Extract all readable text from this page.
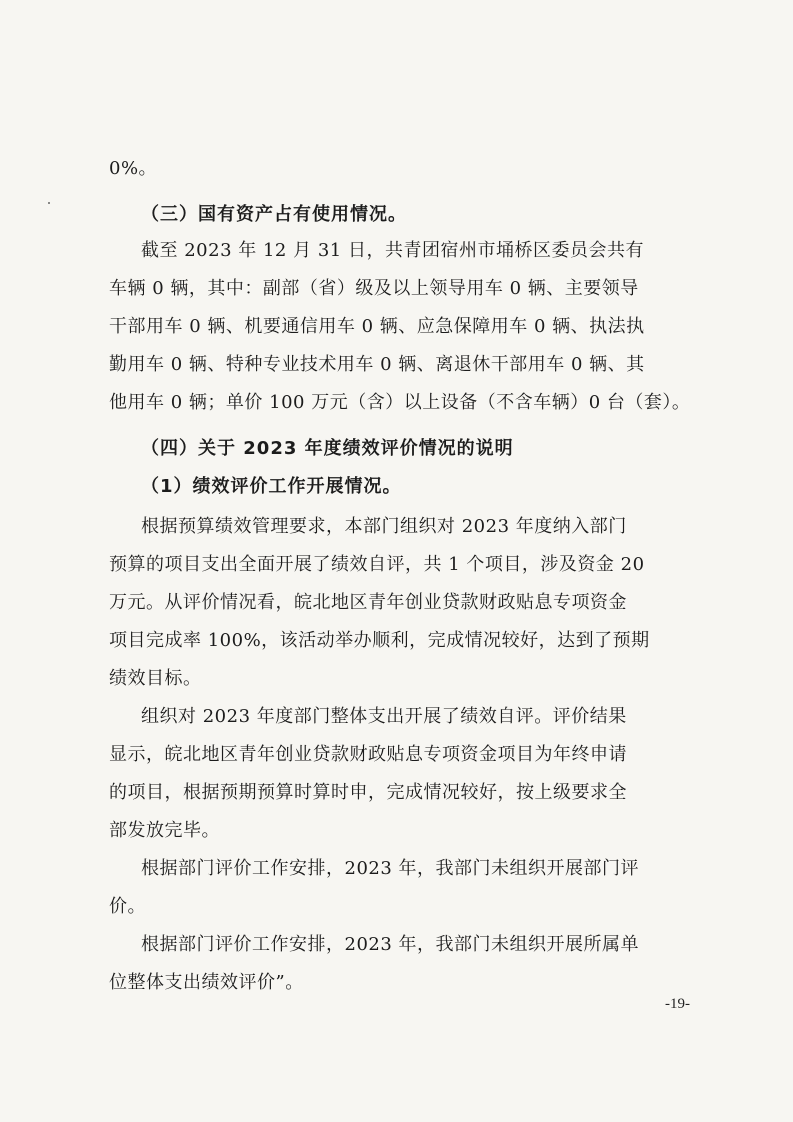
0%。
（三）国有资产占有使用情况。
截至 2023 年 12 月 31 日，共青团宿州市埇桥区委员会共有
车辆 0 辆，其中：副部（省）级及以上领导用车 0 辆、主要领导
干部用车 0 辆、机要通信用车 0 辆、应急保障用车 0 辆、执法执
勤用车 0 辆、特种专业技术用车 0 辆、离退休干部用车 0 辆、其
他用车 0 辆；单价 100 万元（含）以上设备（不含车辆）0 台（套）。
（四）关于 2023 年度绩效评价情况的说明
（1）绩效评价工作开展情况。
根据预算绩效管理要求，本部门组织对 2023 年度纳入部门
预算的项目支出全面开展了绩效自评，共 1 个项目，涉及资金 20
万元。从评价情况看，皖北地区青年创业贷款财政贴息专项资金
项目完成率 100%，该活动举办顺利，完成情况较好，达到了预期
绩效目标。
组织对 2023 年度部门整体支出开展了绩效自评。评价结果
显示，皖北地区青年创业贷款财政贴息专项资金项目为年终申请
的项目，根据预期预算时算时申，完成情况较好，按上级要求全
部发放完毕。
根据部门评价工作安排，2023 年，我部门未组织开展部门评
价。
根据部门评价工作安排，2023 年，我部门未组织开展所属单
位整体支出绩效评价”。
-19-
